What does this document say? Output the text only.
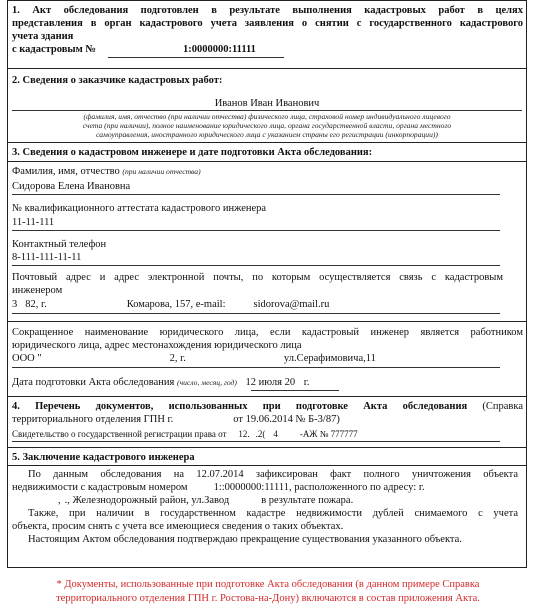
1. Акт обследования подготовлен в результате выполнения кадастровых работ в целях
представления в орган кадастрового учета заявления о снятии с государственного кадастрового
учета здания
с кадастровым №	1:0000000:11111
2. Сведения о заказчике кадастровых работ:
Иванов Иван Иванович
(фамилия, имя, отчество (при наличии отчества) физического лица, страховой номер индивидуального лицевого
счета (при наличии), полное наименование юридического лица, органа государственной власти, органа местного
самоуправления, иностранного юридического лица с указанием страны его регистрации (инкорпорации))
3. Сведения о кадастровом инженере и дате подготовки Акта обследования:
Фамилия, имя, отчество (при наличии отчества)
Сидорова Елена Ивановна
№ квалификационного аттестата кадастрового инженера
11-11-111
Контактный телефон
8-111-111-11-11
Почтовый адрес и адрес электронной почты, по которым осуществляется связь с кадастровым
инженером
3 82, г.	Комарова, 157, e-mail:	sidorova@mail.ru
Сокращенное наименование юридического лица, если кадастровый инженер является работником
юридического лица, адрес местонахождения юридического лица
ООО "	2, г.	ул.Серафимовича,11
Дата подготовки Акта обследования (число, месяц, год) 12 июля 20 г.
4. Перечень документов, использованных при подготовке Акта обследования (Справка
территориального отделения ГПН г.	от 19.06.2014 № Б-3/87)
Свидетельство о государственной регистрации права от 12. .2( 4 -АЖ № 777777
5. Заключение кадастрового инженера
По данным обследования на 12.07.2014 зафиксирован факт полного уничтожения объекта
недвижимости с кадастровым номером 1::0000000:11111, расположенного по адресу: г.
, ., Железнодорожный район, ул.Завод	в результате пожара.
Также, при наличии в государственном кадастре недвижимости дублей снимаемого с учета
объекта, просим снять с учета все имеющиеся сведения о таких объектах.
Настоящим Актом обследования подтверждаю прекращение существования указанного объекта.
* Документы, использованные при подготовке Акта обследования (в данном примере Справка
территориального отделения ГПН г. Ростова-на-Дону) включаются в состав приложения Акта.
